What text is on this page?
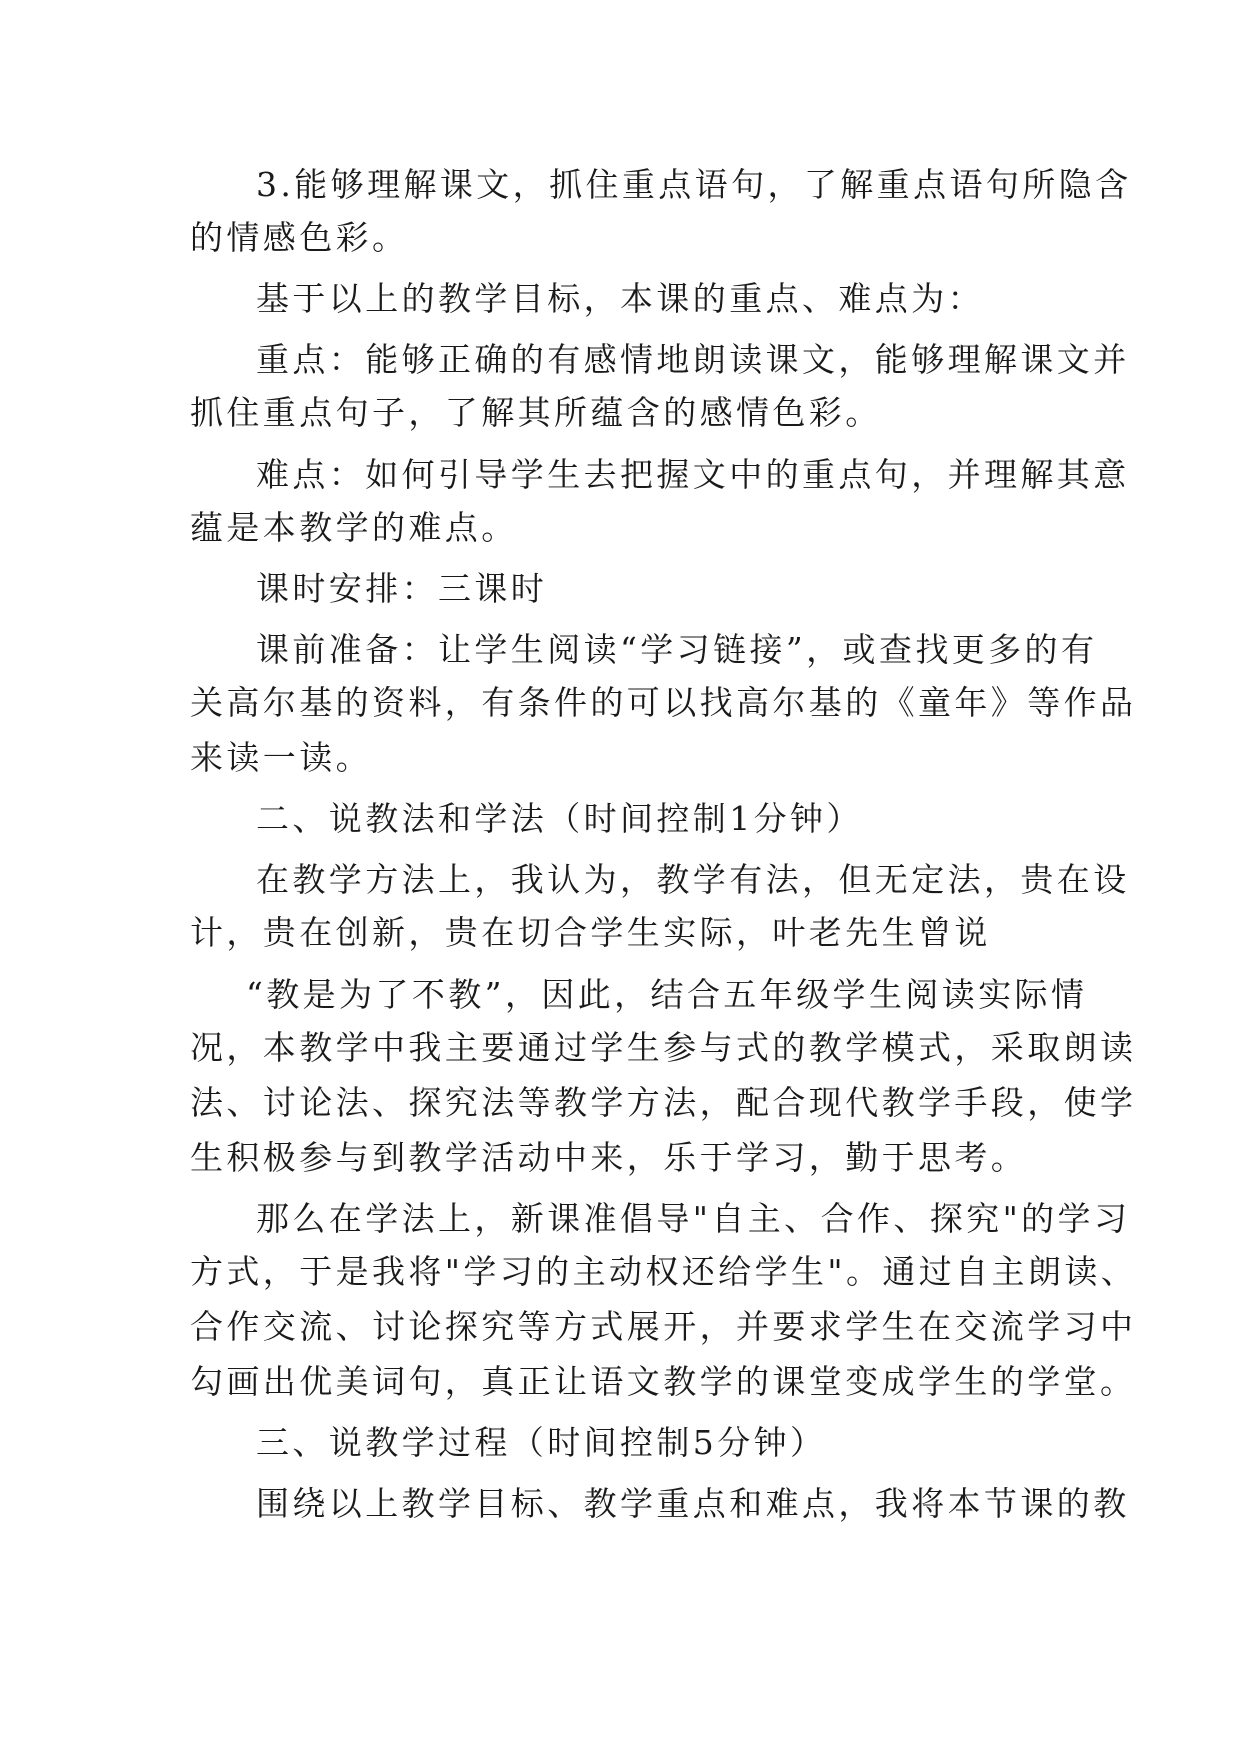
3.能够理解课文，抓住重点语句，了解重点语句所隐含
的情感色彩。
基于以上的教学目标，本课的重点、难点为：
重点：能够正确的有感情地朗读课文，能够理解课文并
抓住重点句子，了解其所蕴含的感情色彩。
难点：如何引导学生去把握文中的重点句，并理解其意
蕴是本教学的难点。
课时安排：三课时
课前准备：让学生阅读“学习链接”，或查找更多的有
关高尔基的资料，有条件的可以找高尔基的《童年》等作品
来读一读。
二、说教法和学法（时间控制1分钟）
在教学方法上，我认为，教学有法，但无定法，贵在设
计，贵在创新，贵在切合学生实际，叶老先生曾说
“教是为了不教”，因此，结合五年级学生阅读实际情
况，本教学中我主要通过学生参与式的教学模式，采取朗读
法、讨论法、探究法等教学方法，配合现代教学手段，使学
生积极参与到教学活动中来，乐于学习，勤于思考。
那么在学法上，新课准倡导"自主、合作、探究"的学习
方式，于是我将"学习的主动权还给学生"。通过自主朗读、
合作交流、讨论探究等方式展开，并要求学生在交流学习中
勾画出优美词句，真正让语文教学的课堂变成学生的学堂。
三、说教学过程（时间控制5分钟）
围绕以上教学目标、教学重点和难点，我将本节课的教
